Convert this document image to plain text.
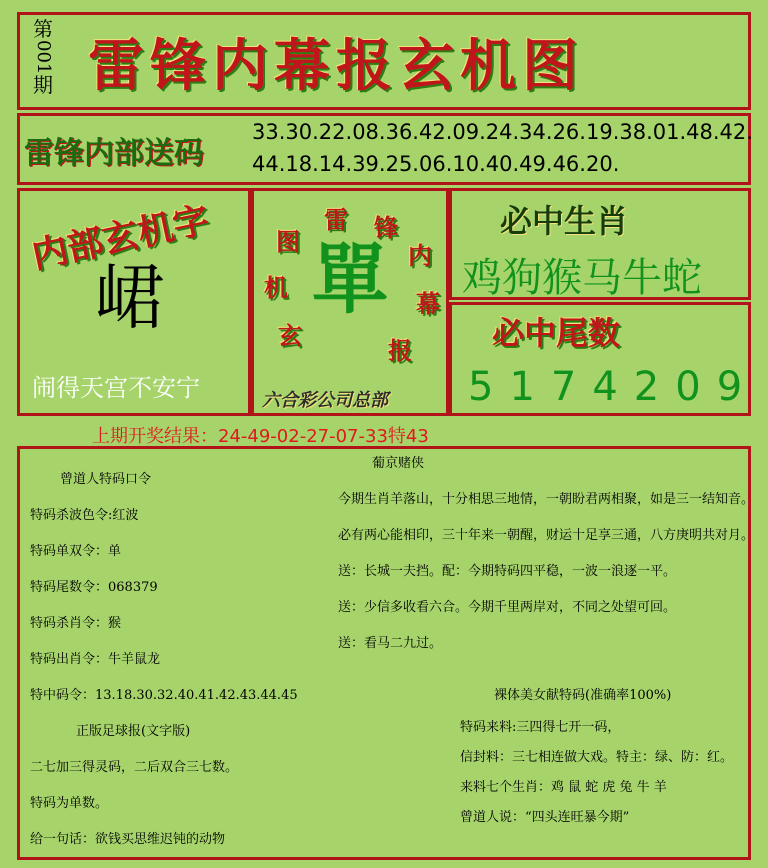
第
001
期 雷锋内幕报玄机图
雷锋内部送码
33.30.22.08.36.42.09.24.34.26.19.38.01.48.42.
44.18.14.39.25.06.10.40.49.46.20.
内部玄机字
峮
闹得天宫不安宁
雷 锋
内
幕
报
玄
机
图 單
六合彩公司总部
必中生肖
鸡狗猴马牛蛇
必中尾数
5174209
上期开奖结果：24-49-02-27-07-33特43
曾道人特码口令
特码杀波色令:红波
特码单双令：单
特码尾数令：068379
特码杀肖令：猴
特码出肖令：牛羊鼠龙
特中码令：13.18.30.32.40.41.42.43.44.45
正版足球报(文字版)
二七加三得灵码，二后双合三七数。
特码为单数。
给一句话：欲钱买思维迟钝的动物
葡京赌侠
今期生肖羊落山，十分相思三地情，一朝盼君两相聚，如是三一结知音。
必有两心能相印，三十年来一朝醒，财运十足享三通，八方庚明共对月。
送：长城一夫挡。配：今期特码四平稳，一波一浪逐一平。
送：少信多收看六合。今期千里两岸对，不同之处望可回。
送：看马二九过。
裸体美女献特码(准确率100%)
特码来料:三四得七开一码，
信封料：三七相连做大戏。特主：绿、防：红。
来料七个生肖：鸡 鼠 蛇 虎 兔 牛 羊
曾道人说：“四头连旺暴今期”
